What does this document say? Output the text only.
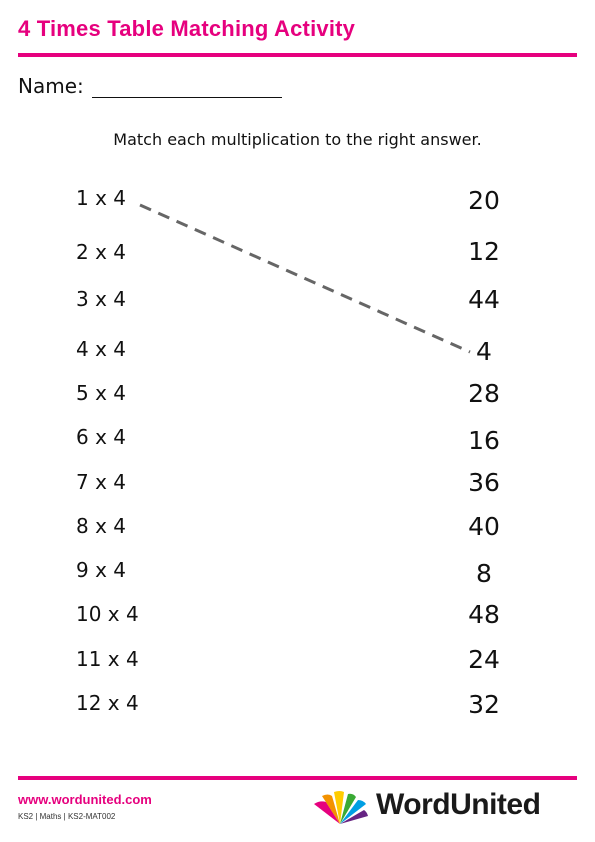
4 Times Table Matching Activity
Name:
Match each multiplication to the right answer.
1 x 4
2 x 4
3 x 4
4 x 4
5 x 4
6 x 4
7 x 4
8 x 4
9 x 4
10 x 4
11 x 4
12 x 4
20
12
44
4
28
16
36
40
8
48
24
32
www.wordunited.com
KS2 | Maths | KS2-MAT002	WordUnited
